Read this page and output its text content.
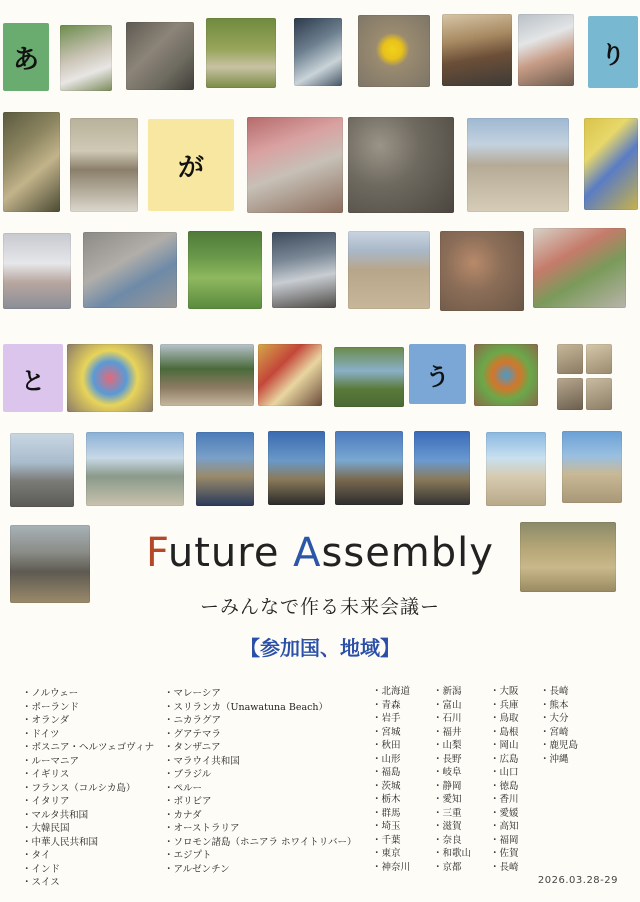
あ	り
が
と	う
Future Assembly
ーみんなで作る未来会議ー
【参加国、地域】
・ ノルウェー
・ ポーランド
・ オランダ
・ ドイツ
・ ボスニア・ヘルツェゴヴィナ
・ ルーマニア
・ イギリス
・ フランス（コルシカ島）
・ イタリア
・ マルタ共和国
・ 大韓民国
・ 中華人民共和国
・ タイ
・ インド
・ スイス
・ マレーシア
・ スリランカ（Unawatuna Beach）
・ ニカラグア
・ グアテマラ
・ タンザニア
・ マラウイ共和国
・ ブラジル
・ ペルー
・ ボリビア
・ カナダ
・ オーストラリア
・ ソロモン諸島（ホニアラ ホワイトリバー）
・ エジプト
・ アルゼンチン
・ 北海道
・ 青森
・ 岩手
・ 宮城
・ 秋田
・ 山形
・ 福島
・ 茨城
・ 栃木
・ 群馬
・ 埼玉
・ 千葉
・ 東京
・ 神奈川
・ 新潟
・ 富山
・ 石川
・ 福井
・ 山梨
・ 長野
・ 岐阜
・ 静岡
・ 愛知
・ 三重
・ 滋賀
・ 奈良
・ 和歌山
・ 京都
・ 大阪
・ 兵庫
・ 鳥取
・ 島根
・ 岡山
・ 広島
・ 山口
・ 徳島
・ 香川
・ 愛媛
・ 高知
・ 福岡
・ 佐賀
・ 長崎
・ 長崎
・ 熊本
・ 大分
・ 宮崎
・ 鹿児島
・ 沖縄
2026.03.28-29
